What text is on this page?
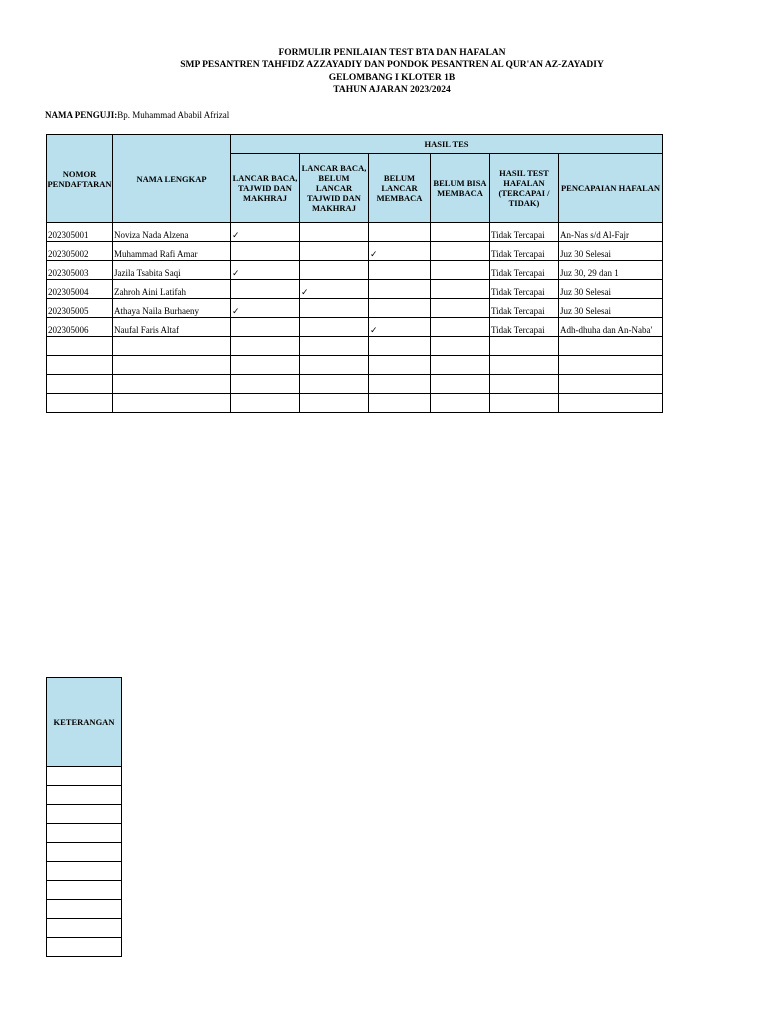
FORMULIR PENILAIAN TEST BTA DAN HAFALAN
SMP PESANTREN TAHFIDZ AZZAYADIY DAN PONDOK PESANTREN AL QUR'AN AZ-ZAYADIY
GELOMBANG I KLOTER 1B
TAHUN AJARAN 2023/2024
NAMA PENGUJI:Bp. Muhammad Ababil Afrizal
NOMOR PENDAFTARAN	NAMA LENGKAP	HASIL TES					
		LANCAR BACA, TAJWID DAN MAKHRAJ	LANCAR BACA, BELUM LANCAR TAJWID DAN MAKHRAJ	BELUM LANCAR MEMBACA	BELUM BISA MEMBACA	HASIL TEST HAFALAN (TERCAPAI / TIDAK)	PENCAPAIAN HAFALAN
202305001	Noviza Nada Alzena	✓				Tidak Tercapai	An-Nas s/d Al-Fajr
202305002	Muhammad Rafi Amar			✓		Tidak Tercapai	Juz 30 Selesai
202305003	Jazila Tsabita Saqi	✓				Tidak Tercapai	Juz 30, 29 dan 1
202305004	Zahroh Aini Latifah		✓			Tidak Tercapai	Juz 30 Selesai
202305005	Athaya Naila Burhaeny	✓				Tidak Tercapai	Juz 30 Selesai
202305006	Naufal Faris Altaf			✓		Tidak Tercapai	Adh-dhuha dan An-Naba'

KETERANGAN
